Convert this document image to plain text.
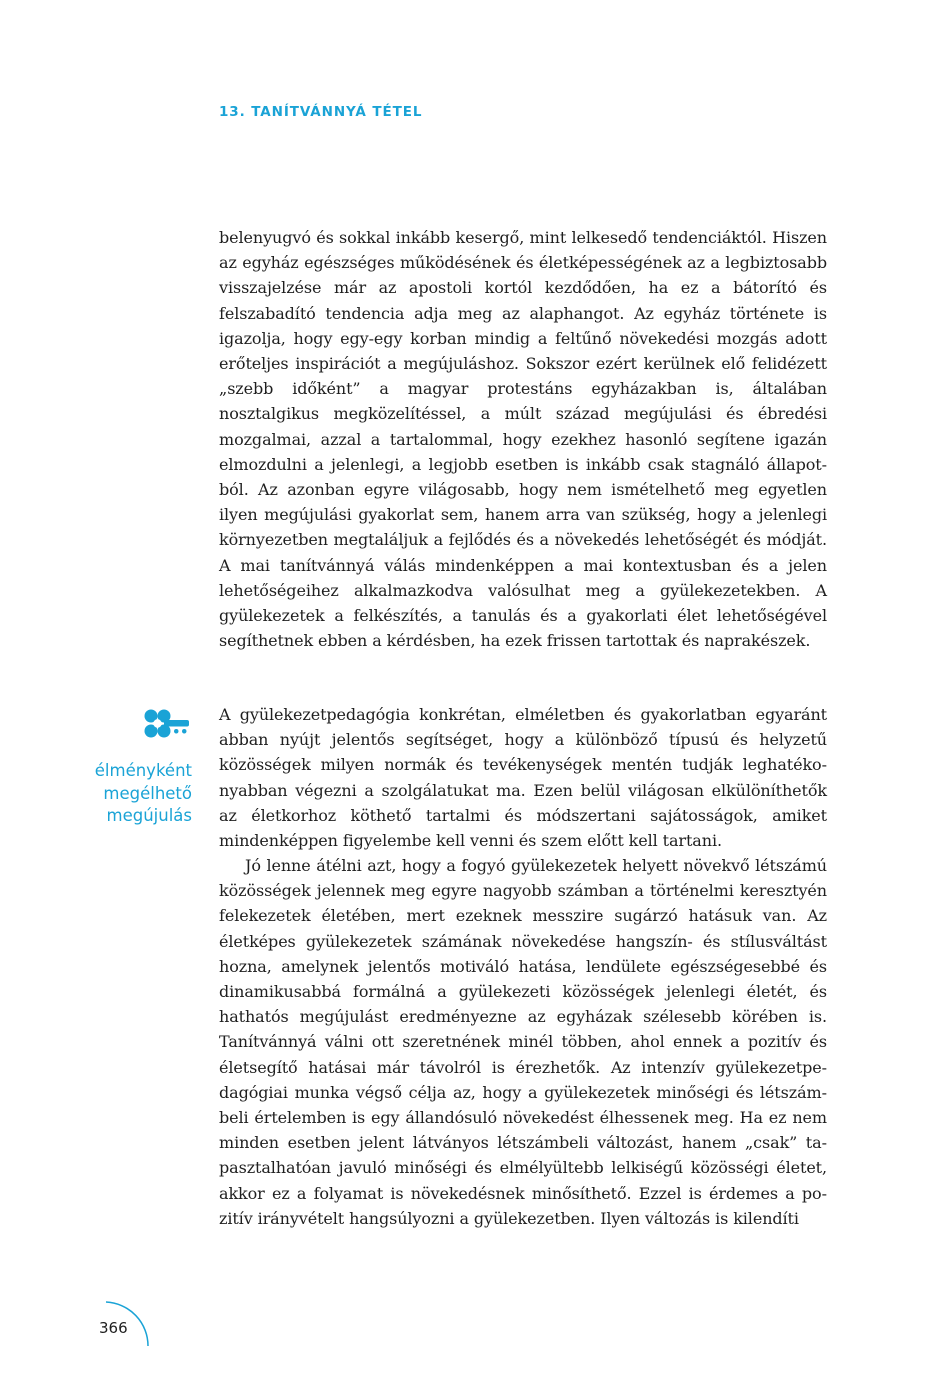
13. TANÍTVÁNNYÁ TÉTEL

belenyugvó és sokkal inkább kesergő, mint lelkesedő tendenciáktól. Hiszen az egyház egészséges működésének és életképességének az a legbiztosabb visszajelzése már az apostoli kortól kezdődően, ha ez a bátorító és felszabadító tendencia adja meg az alaphangot. Az egyház története is igazolja, hogy egy-egy korban mindig a feltűnő növekedési mozgás adott erőteljes inspirációt a megújuláshoz. Sokszor ezért kerülnek elő felidézett „szebb időként” a magyar protestáns egyházakban is, általában nosztalgikus megközelítéssel, a múlt század megújulási és ébredési mozgalmai, azzal a tartalommal, hogy ezekhez hasonló segítene igazán elmozdulni a jelenlegi, a legjobb esetben is inkább csak stagnáló állapotból. Az azonban egyre világosabb, hogy nem ismételhető meg egyetlen ilyen megújulási gyakorlat sem, hanem arra van szükség, hogy a jelenlegi környezetben megtaláljuk a fejlődés és a növekedés lehetőségét és módját. A mai tanítvánnyá válás mindenképpen a mai kontextusban és a jelen lehetőségeihez alkalmazkodva valósulhat meg a gyülekezetekben. A gyülekezetek a felkészítés, a tanulás és a gyakorlati élet lehetőségével segíthetnek ebben a kérdésben, ha ezek frissen tartottak és naprakészek.

élményként
megélhető
megújulás

A gyülekezetpedagógia konkrétan, elméletben és gyakorlatban egyaránt abban nyújt jelentős segítséget, hogy a különböző típusú és helyzetű közösségek milyen normák és tevékenységek mentén tudják leghatékonyabban végezni a szolgálatukat ma. Ezen belül világosan elkülöníthetők az életkorhoz köthető tartalmi és módszertani sajátosságok, amiket mindenképpen figyelembe kell venni és szem előtt kell tartani.

Jó lenne átélni azt, hogy a fogyó gyülekezetek helyett növekvő létszámú közösségek jelennek meg egyre nagyobb számban a történelmi keresztyén felekezetek életében, mert ezeknek messzire sugárzó hatásuk van. Az életképes gyülekezetek számának növekedése hangszín- és stílusváltást hozna, amelynek jelentős motiváló hatása, lendülete egészségesebbé és dinamikusabbá formálná a gyülekezeti közösségek jelenlegi életét, és hathatós megújulást eredményezne az egyházak szélesebb körében is. Tanítvánnyá válni ott szeretnének minél többen, ahol ennek a pozitív és életsegítő hatásai már távolról is érezhetők. Az intenzív gyülekezetpedagógiai munka végső célja az, hogy a gyülekezetek minőségi és létszámbeli értelemben is egy állandósuló növekedést élhessenek meg. Ha ez nem minden esetben jelent látványos létszámbeli változást, hanem „csak” tapasztalhatóan javuló minőségi és elmélyültebb lelkiségű közösségi életet, akkor ez a folyamat is növekedésnek minősíthető. Ezzel is érdemes a pozitív irányvételt hangsúlyozni a gyülekezetben. Ilyen változás is kilendíti

366
